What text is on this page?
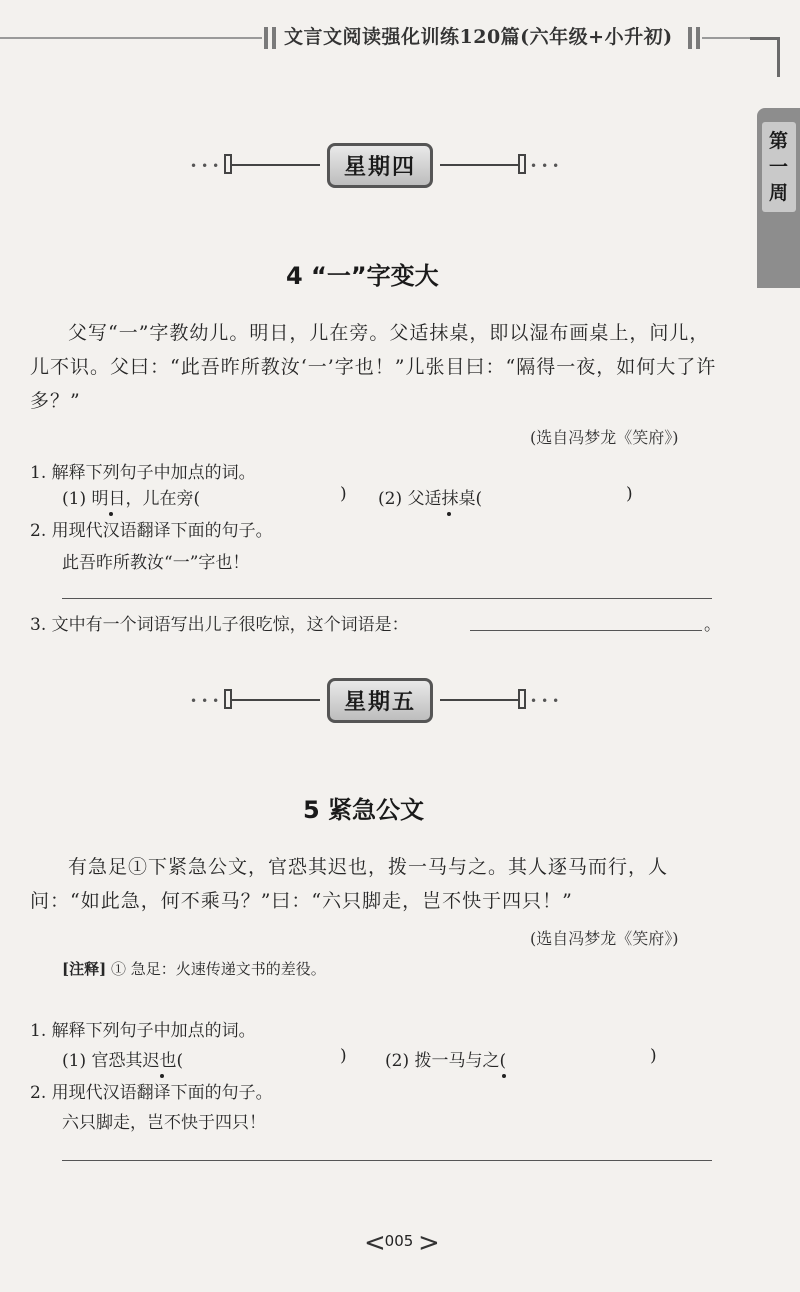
文言文阅读强化训练120篇(六年级+小升初)
第
一
周
•••	星期四	•••
4 “一”字变大
父写“一”字教幼儿。明日，儿在旁。父适抹桌，即以湿布画桌上，问儿，儿不识。父曰：“此吾昨所教汝‘一’字也！”儿张目曰：“隔得一夜，如何大了许多？”
(选自冯梦龙《笑府》)
1. 解释下列句子中加点的词。
(1) 明日，儿在旁(	) (2) 父适抹桌(	)
2. 用现代汉语翻译下面的句子。
此吾昨所教汝“一”字也！
3. 文中有一个词语写出儿子很吃惊，这个词语是：	。
•••	星期五	•••
5 紧急公文
有急足①下紧急公文，官恐其迟也，拨一马与之。其人逐马而行，人问：“如此急，何不乘马？”曰：“六只脚走，岂不快于四只！”
(选自冯梦龙《笑府》)
[注释] ① 急足：火速传递文书的差役。
1. 解释下列句子中加点的词。
(1) 官恐其迟也(	) (2) 拨一马与之(	)
2. 用现代汉语翻译下面的句子。
六只脚走，岂不快于四只！
<
005 >
